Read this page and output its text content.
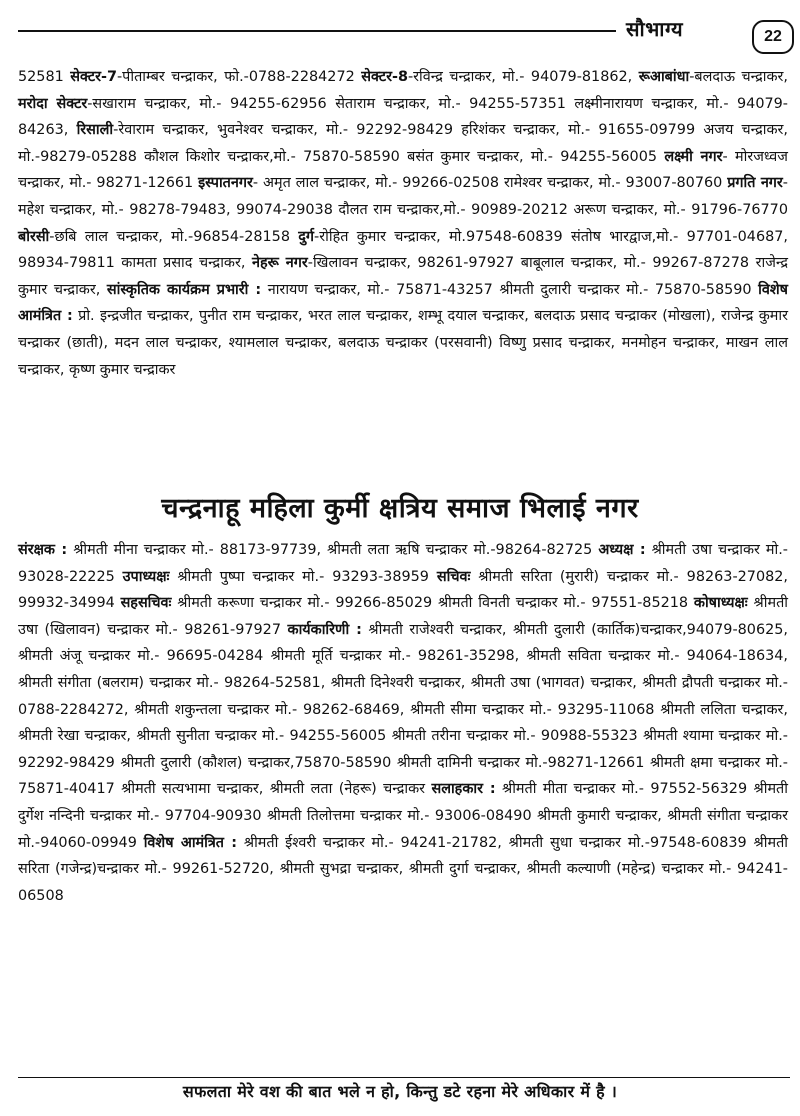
सौभाग्य	22
52581 सेक्टर-7-पीताम्बर चन्द्राकर, फो.-0788-2284272 सेक्टर-8-रविन्द्र चन्द्राकर, मो.- 94079-81862, रूआबांधा-बलदाऊ चन्द्राकर, मरोदा सेक्टर-सखाराम चन्द्राकर, मो.- 94255-62956 सेताराम चन्द्राकर, मो.- 94255-57351 लक्ष्मीनारायण चन्द्राकर, मो.- 94079-84263, रिसाली-रेवाराम चन्द्राकर, भुवनेश्वर चन्द्राकर, मो.- 92292-98429 हरिशंकर चन्द्राकर, मो.- 91655-09799 अजय चन्द्राकर, मो.-98279-05288 कौशल किशोर चन्द्राकर,मो.- 75870-58590 बसंत कुमार चन्द्राकर, मो.- 94255-56005 लक्ष्मी नगर- मोरजध्वज चन्द्राकर, मो.- 98271-12661 इस्पातनगर- अमृत लाल चन्द्राकर, मो.- 99266-02508 रामेश्वर चन्द्राकर, मो.- 93007-80760 प्रगति नगर- महेश चन्द्राकर, मो.- 98278-79483, 99074-29038 दौलत राम चन्द्राकर,मो.- 90989-20212 अरूण चन्द्राकर, मो.- 91796-76770 बोरसी-छबि लाल चन्द्राकर, मो.-96854-28158 दुर्ग-रोहित कुमार चन्द्राकर, मो.97548-60839 संतोष भारद्वाज,मो.- 97701-04687, 98934-79811 कामता प्रसाद चन्द्राकर, नेहरू नगर-खिलावन चन्द्राकर, 98261-97927 बाबूलाल चन्द्राकर, मो.- 99267-87278 राजेन्द्र कुमार चन्द्राकर, सांस्कृतिक कार्यक्रम प्रभारी : नारायण चन्द्राकर, मो.- 75871-43257 श्रीमती दुलारी चन्द्राकर मो.- 75870-58590 विशेष आमंत्रित : प्रो. इन्द्रजीत चन्द्राकर, पुनीत राम चन्द्राकर, भरत लाल चन्द्राकर, शम्भू दयाल चन्द्राकर, बलदाऊ प्रसाद चन्द्राकर (मोखला), राजेन्द्र कुमार चन्द्राकर (छाती), मदन लाल चन्द्राकर, श्यामलाल चन्द्राकर, बलदाऊ चन्द्राकर (परसवानी) विष्णु प्रसाद चन्द्राकर, मनमोहन चन्द्राकर, माखन लाल चन्द्राकर, कृष्ण कुमार चन्द्राकर
चन्द्रनाहू महिला कुर्मी क्षत्रिय समाज भिलाई नगर
संरक्षक : श्रीमती मीना चन्द्राकर मो.- 88173-97739, श्रीमती लता ऋषि चन्द्राकर मो.-98264-82725 अध्यक्ष : श्रीमती उषा चन्द्राकर मो.- 93028-22225 उपाध्यक्षः श्रीमती पुष्पा चन्द्राकर मो.- 93293-38959 सचिवः श्रीमती सरिता (मुरारी) चन्द्राकर मो.- 98263-27082, 99932-34994 सहसचिवः श्रीमती करूणा चन्द्राकर मो.- 99266-85029 श्रीमती विनती चन्द्राकर मो.- 97551-85218 कोषाध्यक्षः श्रीमती उषा (खिलावन) चन्द्राकर मो.- 98261-97927 कार्यकारिणी : श्रीमती राजेश्वरी चन्द्राकर, श्रीमती दुलारी (कार्तिक)चन्द्राकर,94079-80625, श्रीमती अंजू चन्द्राकर मो.- 96695-04284 श्रीमती मूर्ति चन्द्राकर मो.- 98261-35298, श्रीमती सविता चन्द्राकर मो.- 94064-18634, श्रीमती संगीता (बलराम) चन्द्राकर मो.- 98264-52581, श्रीमती दिनेश्वरी चन्द्राकर, श्रीमती उषा (भागवत) चन्द्राकर, श्रीमती द्रौपती चन्द्राकर मो.- 0788-2284272, श्रीमती शकुन्तला चन्द्राकर मो.- 98262-68469, श्रीमती सीमा चन्द्राकर मो.- 93295-11068 श्रीमती ललिता चन्द्राकर, श्रीमती रेखा चन्द्राकर, श्रीमती सुनीता चन्द्राकर मो.- 94255-56005 श्रीमती तरीना चन्द्राकर मो.- 90988-55323 श्रीमती श्यामा चन्द्राकर मो.- 92292-98429 श्रीमती दुलारी (कौशल) चन्द्राकर,75870-58590 श्रीमती दामिनी चन्द्राकर मो.-98271-12661 श्रीमती क्षमा चन्द्राकर मो.- 75871-40417 श्रीमती सत्यभामा चन्द्राकर, श्रीमती लता (नेहरू) चन्द्राकर सलाहकार : श्रीमती मीता चन्द्राकर मो.- 97552-56329 श्रीमती दुर्गेश नन्दिनी चन्द्राकर मो.- 97704-90930 श्रीमती तिलोत्तमा चन्द्राकर मो.- 93006-08490 श्रीमती कुमारी चन्द्राकर, श्रीमती संगीता चन्द्राकर मो.-94060-09949 विशेष आमंत्रित : श्रीमती ईश्वरी चन्द्राकर मो.- 94241-21782, श्रीमती सुधा चन्द्राकर मो.-97548-60839 श्रीमती सरिता (गजेन्द्र)चन्द्राकर मो.- 99261-52720, श्रीमती सुभद्रा चन्द्राकर, श्रीमती दुर्गा चन्द्राकर, श्रीमती कल्याणी (महेन्द्र) चन्द्राकर मो.- 94241-06508
सफलता मेरे वश की बात भले न हो, किन्तु डटे रहना मेरे अधिकार में है ।
